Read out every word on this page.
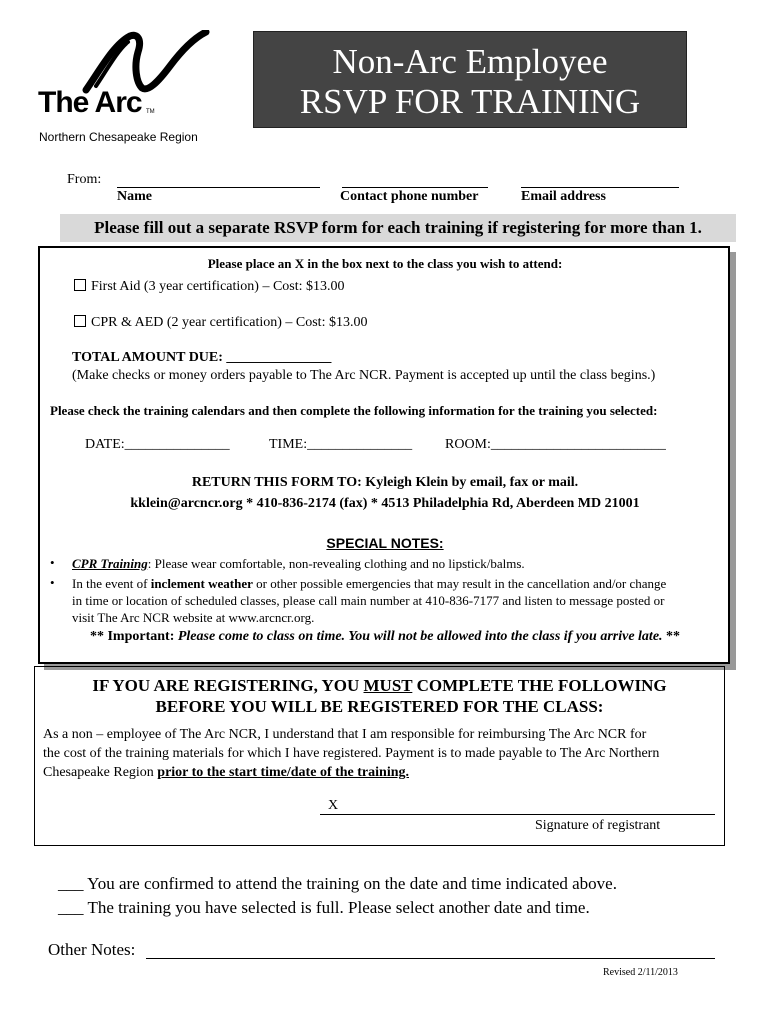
The Arc TM
Northern Chesapeake Region
Non-Arc Employee
RSVP FOR TRAINING
From:
Name	Contact phone number	Email address
Please fill out a separate RSVP form for each training if registering for more than 1.
Please place an X in the box next to the class you wish to attend:
First Aid (3 year certification) – Cost: $13.00
CPR & AED (2 year certification) – Cost: $13.00
TOTAL AMOUNT DUE: _______________
(Make checks or money orders payable to The Arc NCR. Payment is accepted up until the class begins.)
Please check the training calendars and then complete the following information for the training you selected:
DATE:_______________	TIME:_______________ ROOM:_________________________
RETURN THIS FORM TO: Kyleigh Klein by email, fax or mail.
kklein@arcncr.org * 410-836-2174 (fax) * 4513 Philadelphia Rd, Aberdeen MD 21001
SPECIAL NOTES:
• CPR Training: Please wear comfortable, non-revealing clothing and no lipstick/balms.
• In the event of inclement weather or other possible emergencies that may result in the cancellation and/or change
in time or location of scheduled classes, please call main number at 410-836-7177 and listen to message posted or
visit The Arc NCR website at www.arcncr.org.
** Important: Please come to class on time. You will not be allowed into the class if you arrive late. **
IF YOU ARE REGISTERING, YOU MUST COMPLETE THE FOLLOWING
BEFORE YOU WILL BE REGISTERED FOR THE CLASS:
As a non – employee of The Arc NCR, I understand that I am responsible for reimbursing The Arc NCR for
the cost of the training materials for which I have registered. Payment is to made payable to The Arc Northern
Chesapeake Region prior to the start time/date of the training.
X
Signature of registrant
___ You are confirmed to attend the training on the date and time indicated above.
___ The training you have selected is full. Please select another date and time.
Other Notes:
Revised 2/11/2013
